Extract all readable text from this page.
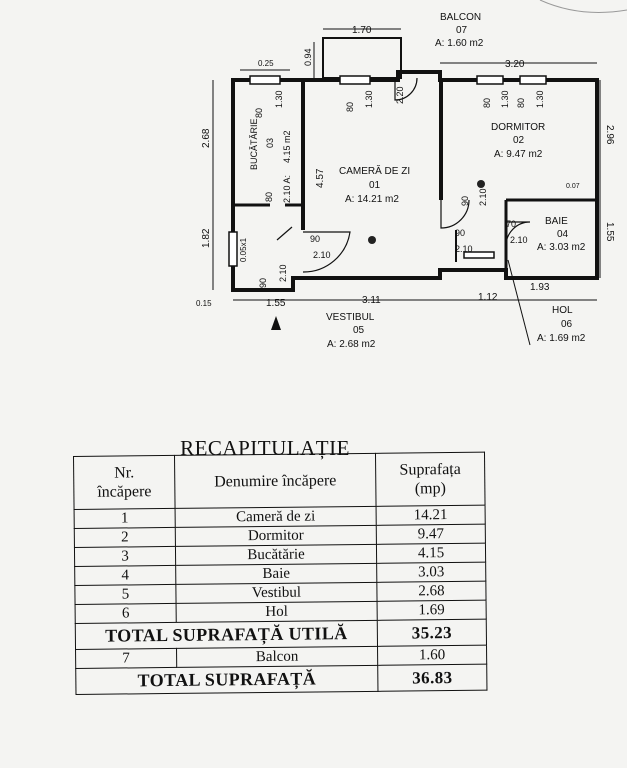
1.70
3.20
0.94
0.25
2.68
1.82
2.96
1.55
0.15	1.55	3.11	1.12
1.93
0.07
80
1.30	80 1.30 2.20	80 1.30 80 1.30
80
90
2.10
90
2.10
70
2.10
90 2.10
90
2.10
0.05x1
4.57
BALCON
07
A: 1.60 m2
DORMITOR
02
A: 9.47 m2
CAMERĂ DE ZI
01
A: 14.21 m2
BUCĂTĂRIE 03
2.10 A:
4.15 m2
BAIE
04
A: 3.03 m2
VESTIBUL
05
A: 2.68 m2
HOL
06
A: 1.69 m2
RECAPITULAȚIE
Nr.
încăpere	Denumire încăpere	Suprafața
(mp)
1	Cameră de zi	14.21
2	Dormitor	9.47
3	Bucătărie	4.15
4	Baie	3.03
5	Vestibul	2.68
6	Hol	1.69
TOTAL SUPRAFAȚĂ UTILĂ		35.23
7	Balcon	1.60
TOTAL SUPRAFAȚĂ		36.83
